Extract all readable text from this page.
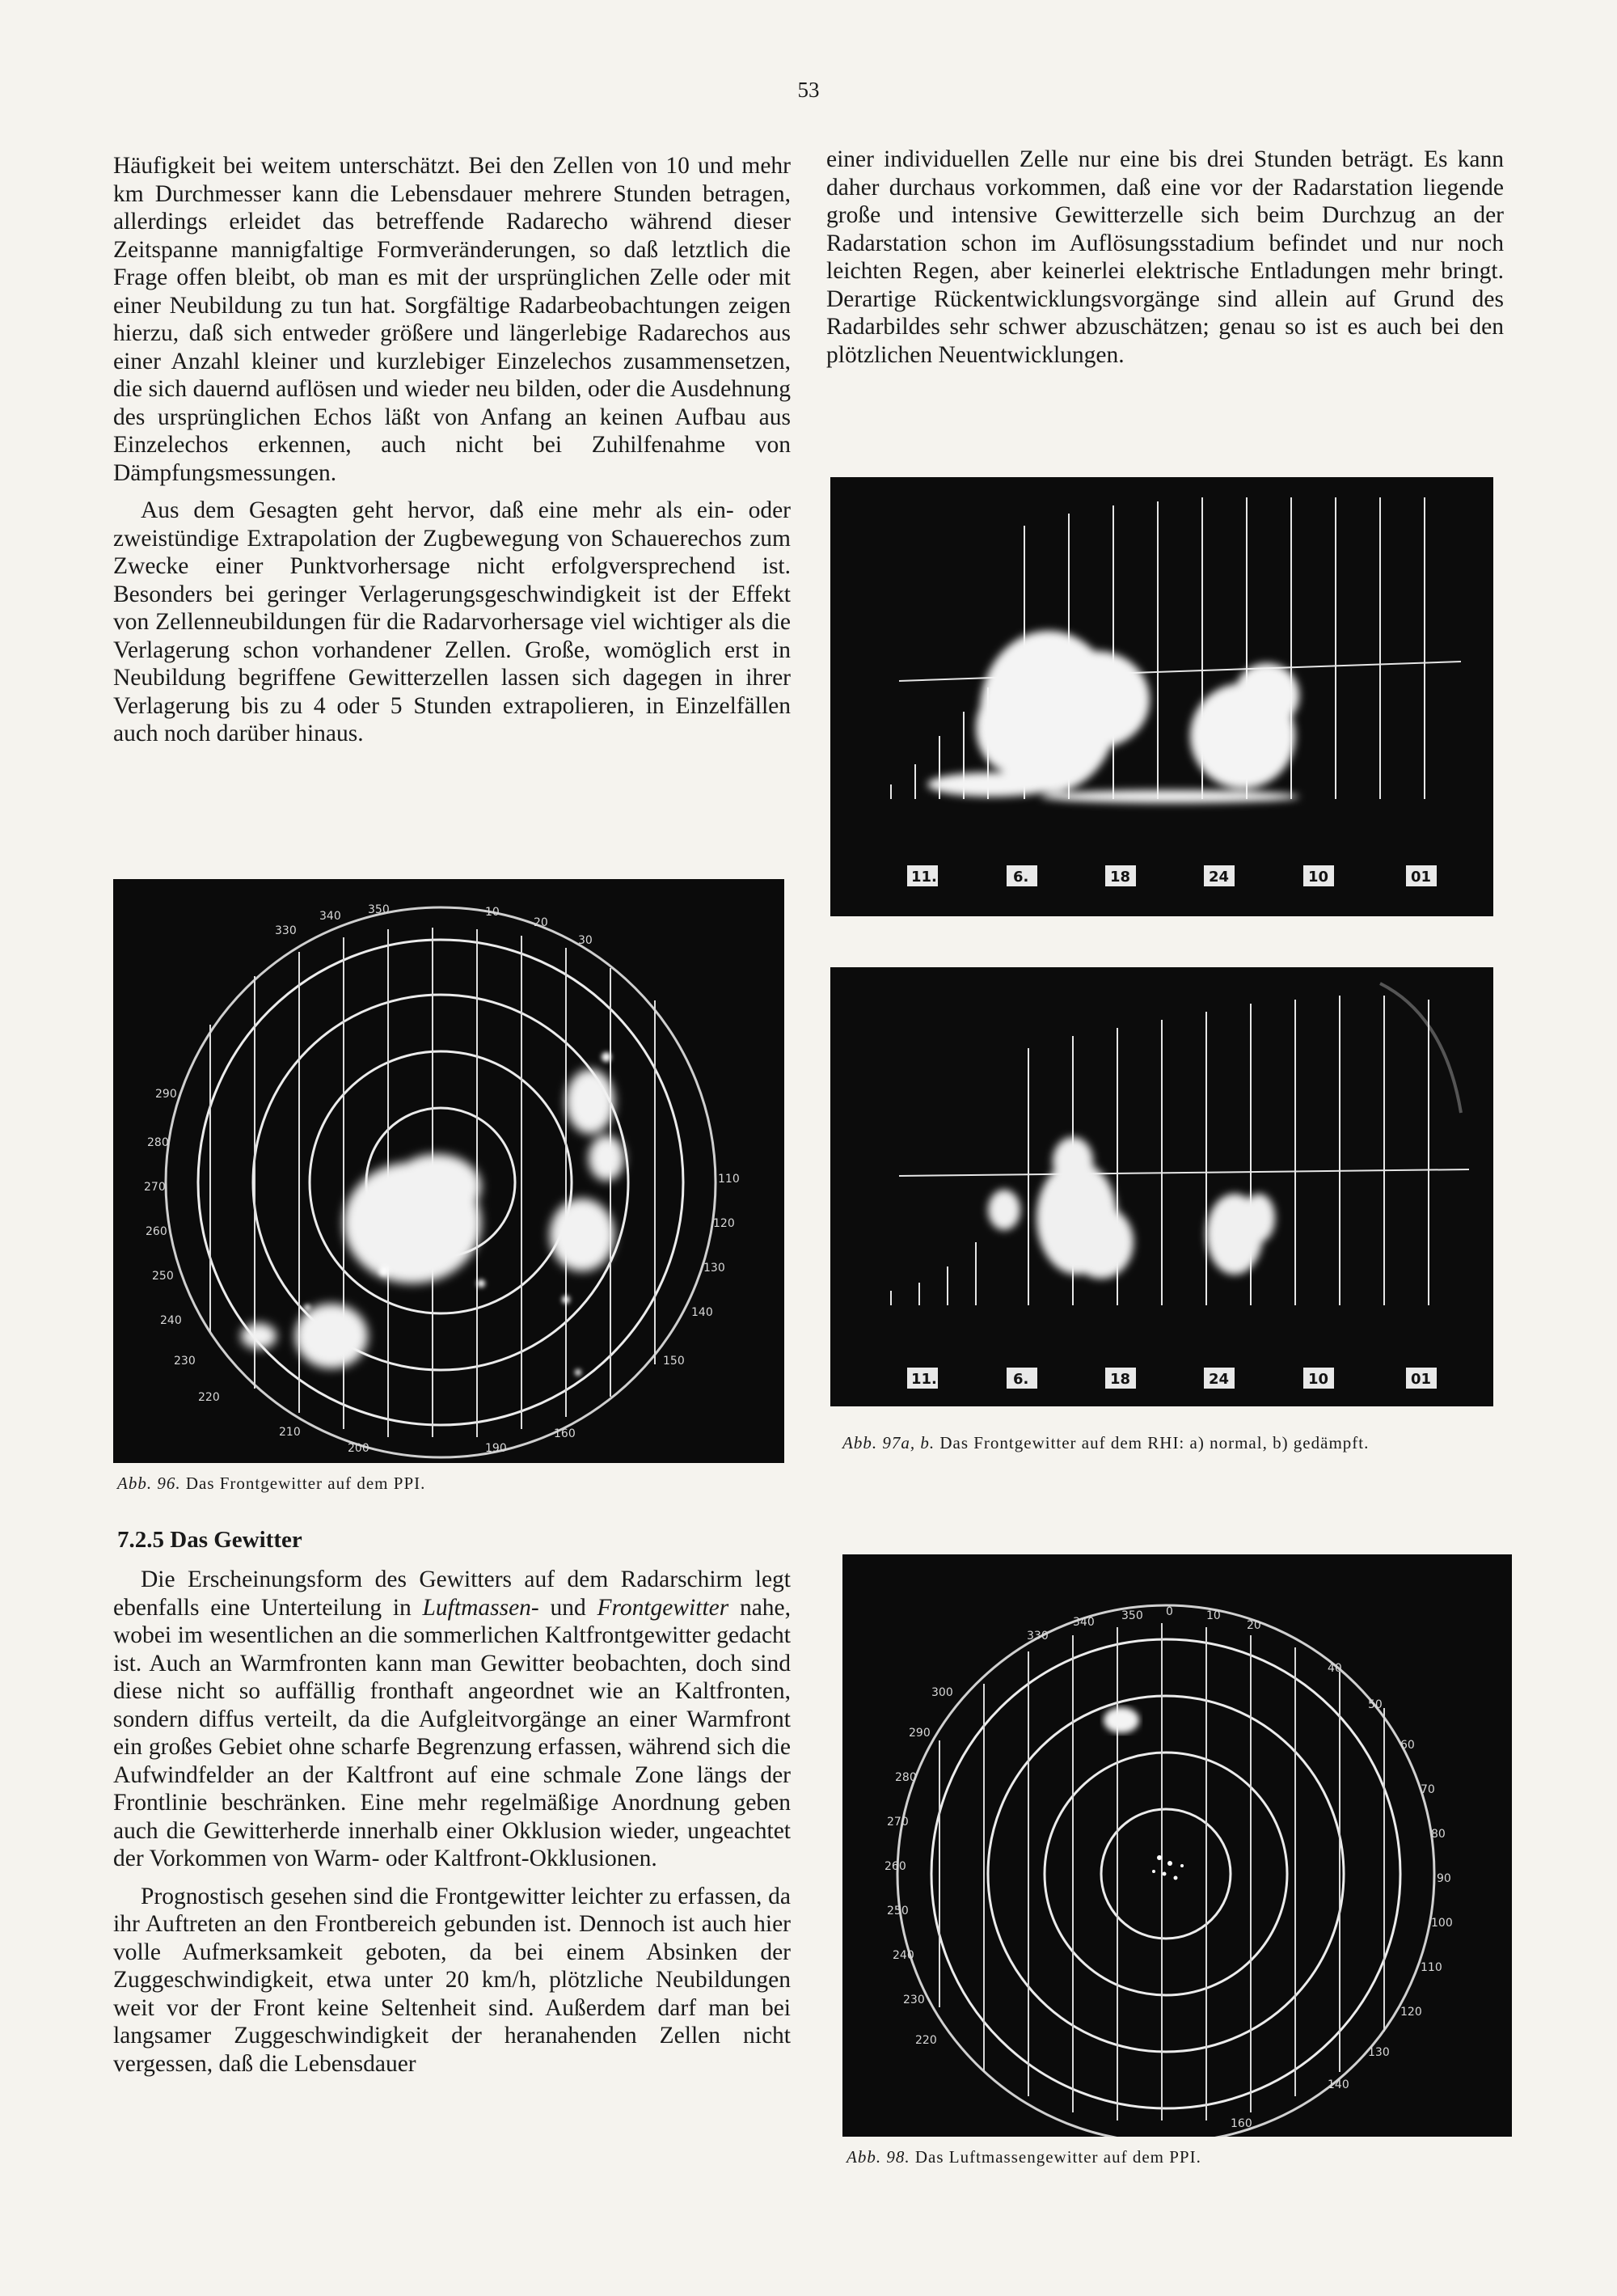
53

Häufigkeit bei weitem unterschätzt. Bei den Zellen von 10 und mehr km Durchmesser kann die Lebensdauer mehrere Stunden betragen, allerdings erleidet das betreffende Radarecho während dieser Zeitspanne mannigfaltige Formveränderungen, so daß letztlich die Frage offen bleibt, ob man es mit der ursprünglichen Zelle oder mit einer Neubildung zu tun hat. Sorgfältige Radarbeobachtungen zeigen hierzu, daß sich entweder größere und längerlebige Radarechos aus einer Anzahl kleiner und kurzlebiger Einzelechos zusammensetzen, die sich dauernd auflösen und wieder neu bilden, oder die Ausdehnung des ursprünglichen Echos läßt von Anfang an keinen Aufbau aus Einzelechos erkennen, auch nicht bei Zuhilfenahme von Dämpfungsmessungen.

Aus dem Gesagten geht hervor, daß eine mehr als ein- oder zweistündige Extrapolation der Zugbewegung von Schauerechos zum Zwecke einer Punktvorhersage nicht erfolgversprechend ist. Besonders bei geringer Verlagerungsgeschwindigkeit ist der Effekt von Zellenneubildungen für die Radarvorhersage viel wichtiger als die Verlagerung schon vorhandener Zellen. Große, womöglich erst in Neubildung begriffene Gewitterzellen lassen sich dagegen in ihrer Verlagerung bis zu 4 oder 5 Stunden extrapolieren, in Einzelfällen auch noch darüber hinaus.

einer individuellen Zelle nur eine bis drei Stunden beträgt. Es kann daher durchaus vorkommen, daß eine vor der Radarstation liegende große und intensive Gewitterzelle sich beim Durchzug an der Radarstation schon im Auflösungsstadium befindet und nur noch leichten Regen, aber keinerlei elektrische Entladungen mehr bringt. Derartige Rückentwicklungsvorgänge sind allein auf Grund des Radarbildes sehr schwer abzuschätzen; genau so ist es auch bei den plötzlichen Neuentwicklungen.

340 350
330
10
20
30
290
280
270
260
250
240
230
220
210
200	190
160
150
140
130
120
110
Abb. 96. Das Frontgewitter auf dem PPI.
11.	6.	18	24	10	01
11.	6.	18	24	10	01
Abb. 97a, b. Das Frontgewitter auf dem RHI: a) normal, b) gedämpft.
7.2.5 Das Gewitter

Die Erscheinungsform des Gewitters auf dem Radarschirm legt ebenfalls eine Unterteilung in Luftmassen- und Frontgewitter nahe, wobei im wesentlichen an die sommerlichen Kaltfrontgewitter gedacht ist. Auch an Warmfronten kann man Gewitter beobachten, doch sind diese nicht so auffällig fronthaft angeordnet wie an Kaltfronten, sondern diffus verteilt, da die Aufgleitvorgänge an einer Warmfront ein großes Gebiet ohne scharfe Begrenzung erfassen, während sich die Aufwindfelder an der Kaltfront auf eine schmale Zone längs der Frontlinie beschränken. Eine mehr regelmäßige Anordnung geben auch die Gewitterherde innerhalb einer Okklusion wieder, ungeachtet der Vorkommen von Warm- oder Kaltfront-Okklusionen.

Prognostisch gesehen sind die Frontgewitter leichter zu erfassen, da ihr Auftreten an den Frontbereich gebunden ist. Dennoch ist auch hier volle Aufmerksamkeit geboten, da bei einem Absinken der Zuggeschwindigkeit, etwa unter 20 km/h, plötzliche Neubildungen weit vor der Front keine Seltenheit sind. Außerdem darf man bei langsamer Zuggeschwindigkeit der heranahenden Zellen nicht vergessen, daß die Lebensdauer

330
340 350 0	10
20
40
50
60
70
80
90
100
110
120
130
140
160
220
230
240
250
260
270
280
290
300
Abb. 98. Das Luftmassengewitter auf dem PPI.
